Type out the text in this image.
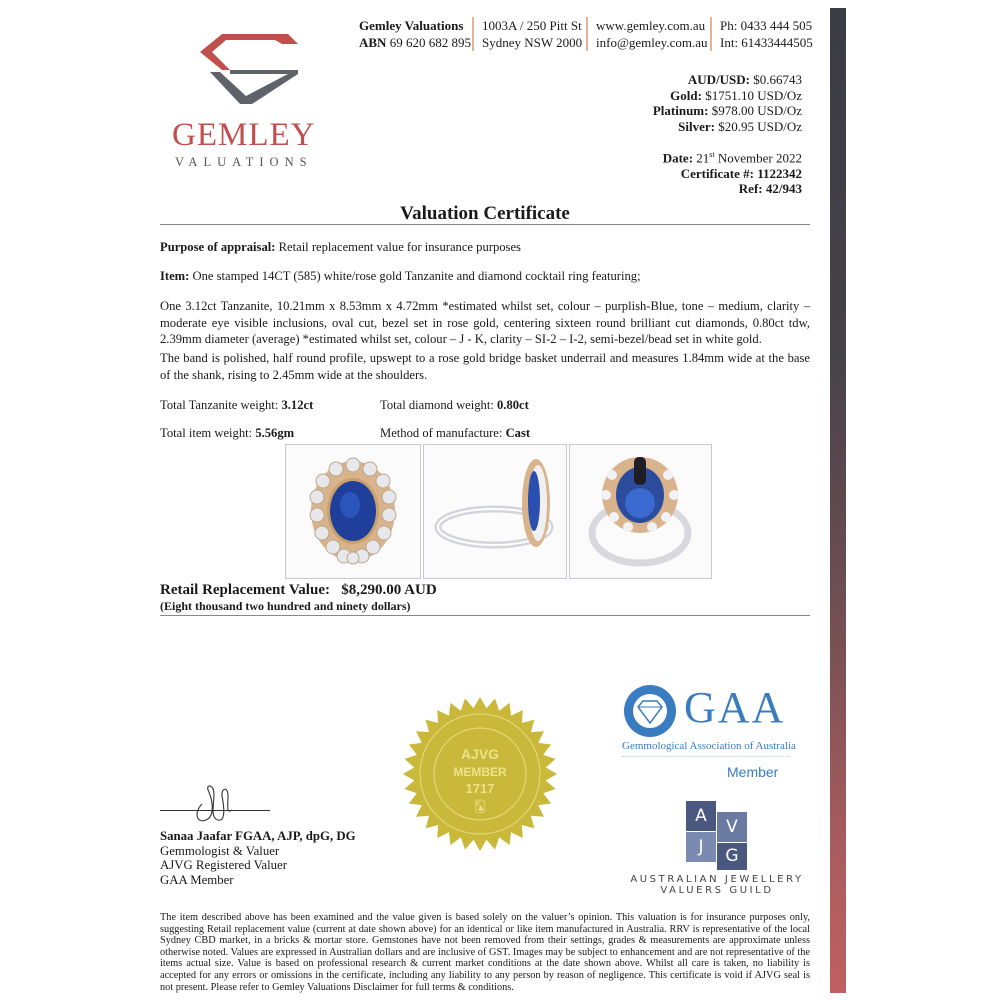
GEMLEY
VALUATIONS
Gemley Valuations
ABN 69 620 682 895
1003A / 250 Pitt St
Sydney NSW 2000
www.gemley.com.au
info@gemley.com.au
Ph: 0433 444 505
Int: 61433444505
AUD/USD: $0.66743
Gold: $1751.10 USD/Oz
Platinum: $978.00 USD/Oz
Silver: $20.95 USD/Oz
Date: 21st November 2022
Certificate #: 1122342
Ref: 42/943
Valuation Certificate
Purpose of appraisal: Retail replacement value for insurance purposes
Item: One stamped 14CT (585) white/rose gold Tanzanite and diamond cocktail ring featuring;
One 3.12ct Tanzanite, 10.21mm x 8.53mm x 4.72mm *estimated whilst set, colour – purplish-Blue, tone – medium, clarity – moderate eye visible inclusions, oval cut, bezel set in rose gold, centering sixteen round brilliant cut diamonds, 0.80ct tdw, 2.39mm diameter (average) *estimated whilst set, colour – J - K, clarity – SI-2 – I-2, semi-bezel/bead set in white gold.
The band is polished, half round profile, upswept to a rose gold bridge basket underrail and measures 1.84mm wide at the base of the shank, rising to 2.45mm wide at the shoulders.
Total Tanzanite weight: 3.12ct	Total diamond weight: 0.80ct
Total item weight: 5.56gm	Method of manufacture: Cast
Retail Replacement Value: $8,290.00 AUD
(Eight thousand two hundred and ninety dollars)
AJVG
MEMBER
1717
🃞
GAA
Gemmological Association of Australia
Member
A
V
J	G
AUSTRALIAN JEWELLERY
VALUERS GUILD
Sanaa Jaafar FGAA, AJP, dpG, DG
Gemmologist & Valuer
AJVG Registered Valuer
GAA Member
The item described above has been examined and the value given is based solely on the valuer’s opinion. This valuation is for insurance purposes only, suggesting Retail replacement value (current at date shown above) for an identical or like item manufactured in Australia. RRV is representative of the local Sydney CBD market, in a bricks & mortar store. Gemstones have not been removed from their settings, grades & measurements are approximate unless otherwise noted. Values are expressed in Australian dollars and are inclusive of GST. Images may be subject to enhancement and are not representative of the items actual size. Value is based on professional research & current market conditions at the date shown above. Whilst all care is taken, no liability is accepted for any errors or omissions in the certificate, including any liability to any person by reason of negligence. This certificate is void if AJVG seal is not present. Please refer to Gemley Valuations Disclaimer for full terms & conditions.
